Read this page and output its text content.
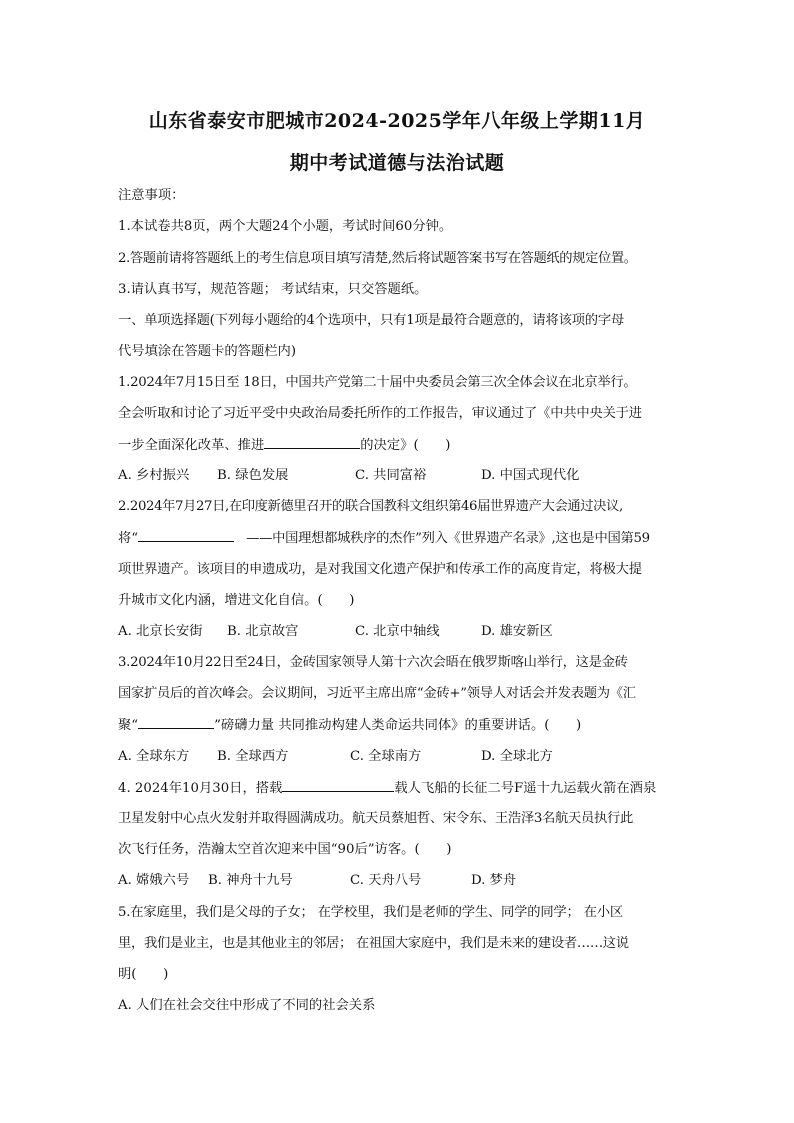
山东省泰安市肥城市2024-2025学年八年级上学期11月
期中考试道德与法治试题
注意事项：
1.本试卷共8页，两个大题24个小题，考试时间60分钟。
2.答题前请将答题纸上的考生信息项目填写清楚,然后将试题答案书写在答题纸的规定位置。
3.请认真书写，规范答题； 考试结束，只交答题纸。
一、单项选择题(下列每小题给的4个选项中，只有1项是最符合题意的，请将该项的字母
代号填涂在答题卡的答题栏内)
1.2024年7月15日至 18日，中国共产党第二十届中央委员会第三次全体会议在北京举行。
全会听取和讨论了习近平受中央政治局委托所作的工作报告，审议通过了《中共中央关于进
一步全面深化改革、推进	的决定》(　　)
A. 乡村振兴 B. 绿色发展	C. 共同富裕	D. 中国式现代化
2.2024年7月27日,在印度新德里召开的联合国教科文组织第46届世界遗产大会通过决议,
将“	——中国理想都城秩序的杰作”列入《世界遗产名录》,这也是中国第59
项世界遗产。该项目的申遗成功，是对我国文化遗产保护和传承工作的高度肯定，将极大提
升城市文化内涵，增进文化自信。(　　)
A. 北京长安街 B. 北京故宫	C. 北京中轴线	D. 雄安新区
3.2024年10月22日至24日，金砖国家领导人第十六次会晤在俄罗斯喀山举行，这是金砖
国家扩员后的首次峰会。会议期间，习近平主席出席“金砖+”领导人对话会并发表题为《汇
聚“	”磅礴力量 共同推动构建人类命运共同体》的重要讲话。(　　)
A. 全球东方 B. 全球西方	C. 全球南方	D. 全球北方
4. 2024年10月30日，搭载	载人飞船的长征二号F遥十九运载火箭在酒泉
卫星发射中心点火发射并取得圆满成功。航天员蔡旭哲、宋令东、王浩泽3名航天员执行此
次飞行任务，浩瀚太空首次迎来中国“90后”访客。(　　)
A. 嫦娥六号 B. 神舟十九号	C. 天舟八号	D. 梦舟
5.在家庭里，我们是父母的子女； 在学校里，我们是老师的学生、同学的同学； 在小区
里，我们是业主，也是其他业主的邻居； 在祖国大家庭中，我们是未来的建设者……这说
明(　　)
A. 人们在社会交往中形成了不同的社会关系
